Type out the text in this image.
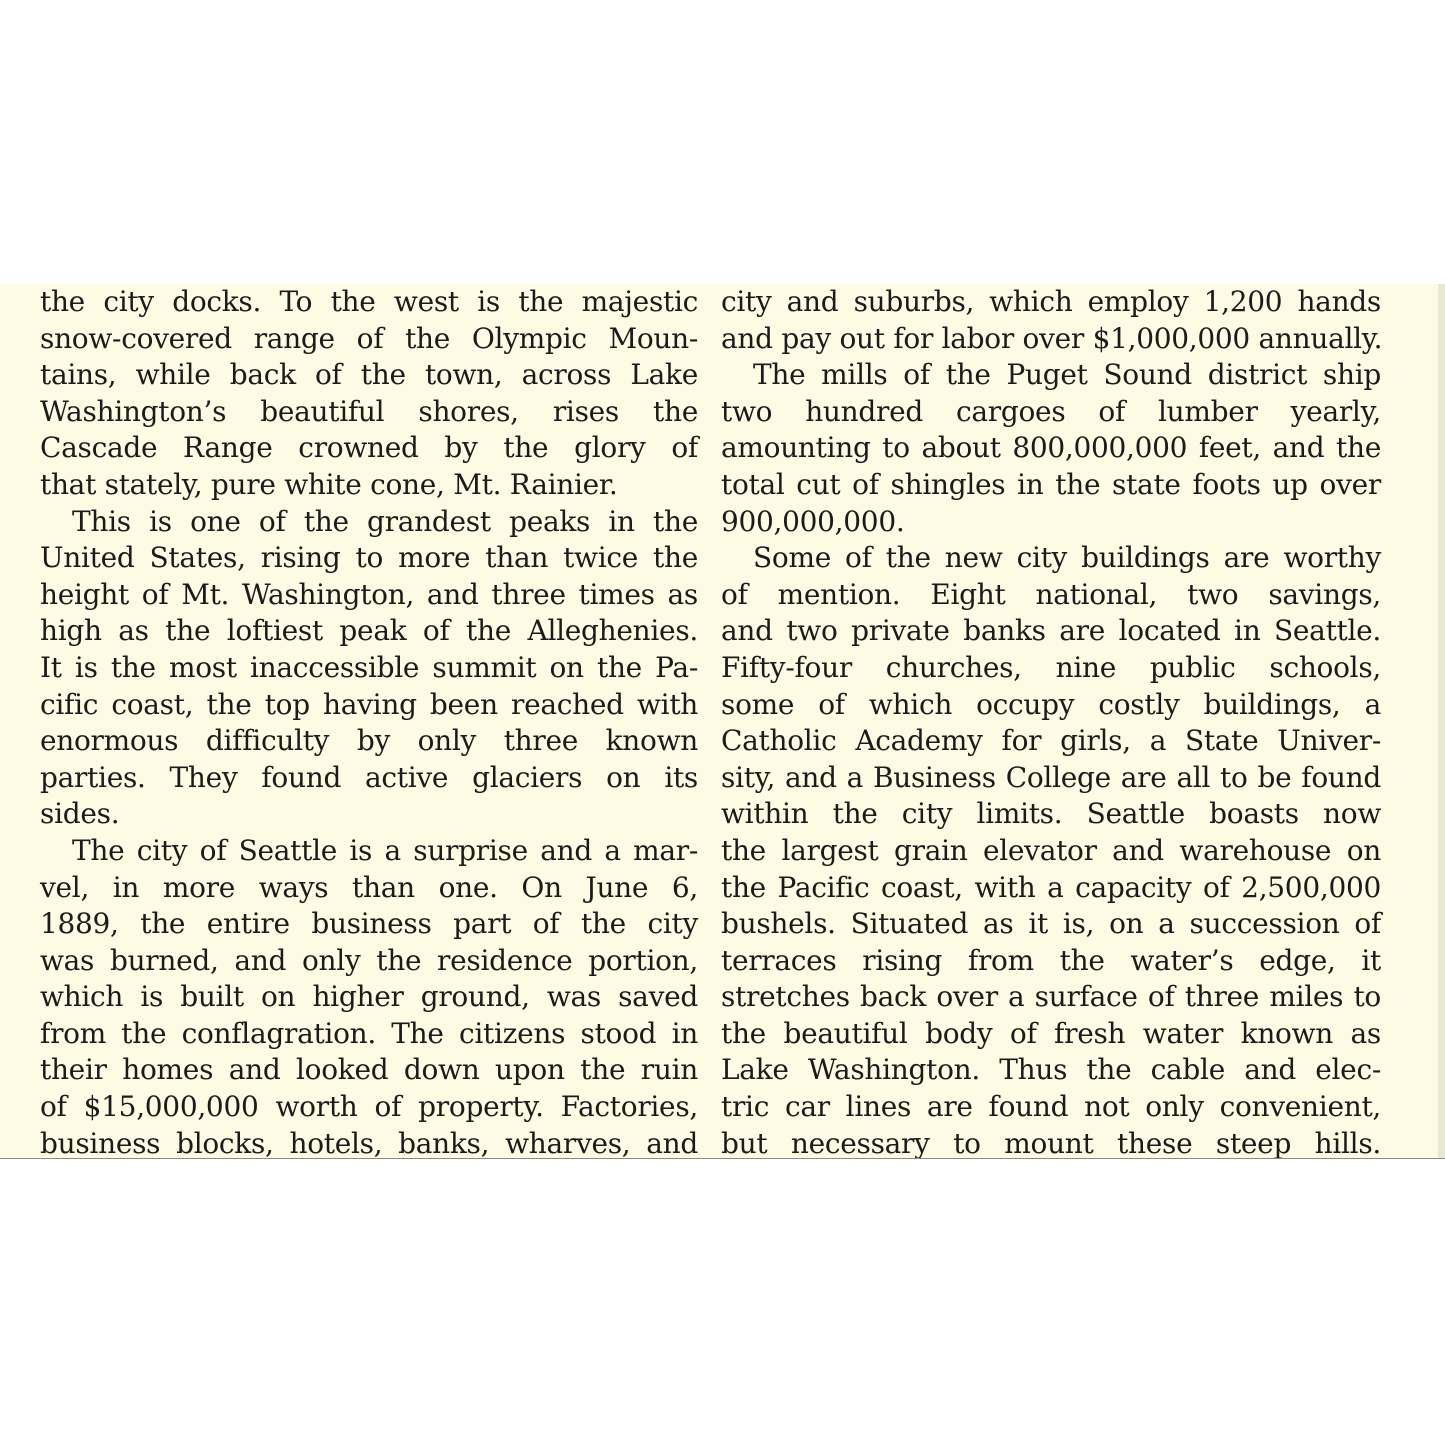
the city docks. To the west is the majestic
snow-covered range of the Olympic Moun-
tains, while back of the town, across Lake
Washington’s beautiful shores, rises the
Cascade Range crowned by the glory of
that stately, pure white cone, Mt. Rainier.
This is one of the grandest peaks in the
United States, rising to more than twice the
height of Mt. Washington, and three times as
high as the loftiest peak of the Alleghenies.
It is the most inaccessible summit on the Pa-
cific coast, the top having been reached with
enormous difficulty by only three known
parties. They found active glaciers on its
sides.
The city of Seattle is a surprise and a mar-
vel, in more ways than one. On June 6,
1889, the entire business part of the city
was burned, and only the residence portion,
which is built on higher ground, was saved
from the conflagration. The citizens stood in
their homes and looked down upon the ruin
of $15,000,000 worth of property. Factories,
business blocks, hotels, banks, wharves, and
city and suburbs, which employ 1,200 hands
and pay out for labor over $1,000,000 annually.
The mills of the Puget Sound district ship
two hundred cargoes of lumber yearly,
amounting to about 800,000,000 feet, and the
total cut of shingles in the state foots up over
900,000,000.
Some of the new city buildings are worthy
of mention. Eight national, two savings,
and two private banks are located in Seattle.
Fifty-four churches, nine public schools,
some of which occupy costly buildings, a
Catholic Academy for girls, a State Univer-
sity, and a Business College are all to be found
within the city limits. Seattle boasts now
the largest grain elevator and warehouse on
the Pacific coast, with a capacity of 2,500,000
bushels. Situated as it is, on a succession of
terraces rising from the water’s edge, it
stretches back over a surface of three miles to
the beautiful body of fresh water known as
Lake Washington. Thus the cable and elec-
tric car lines are found not only convenient,
but necessary to mount these steep hills.
